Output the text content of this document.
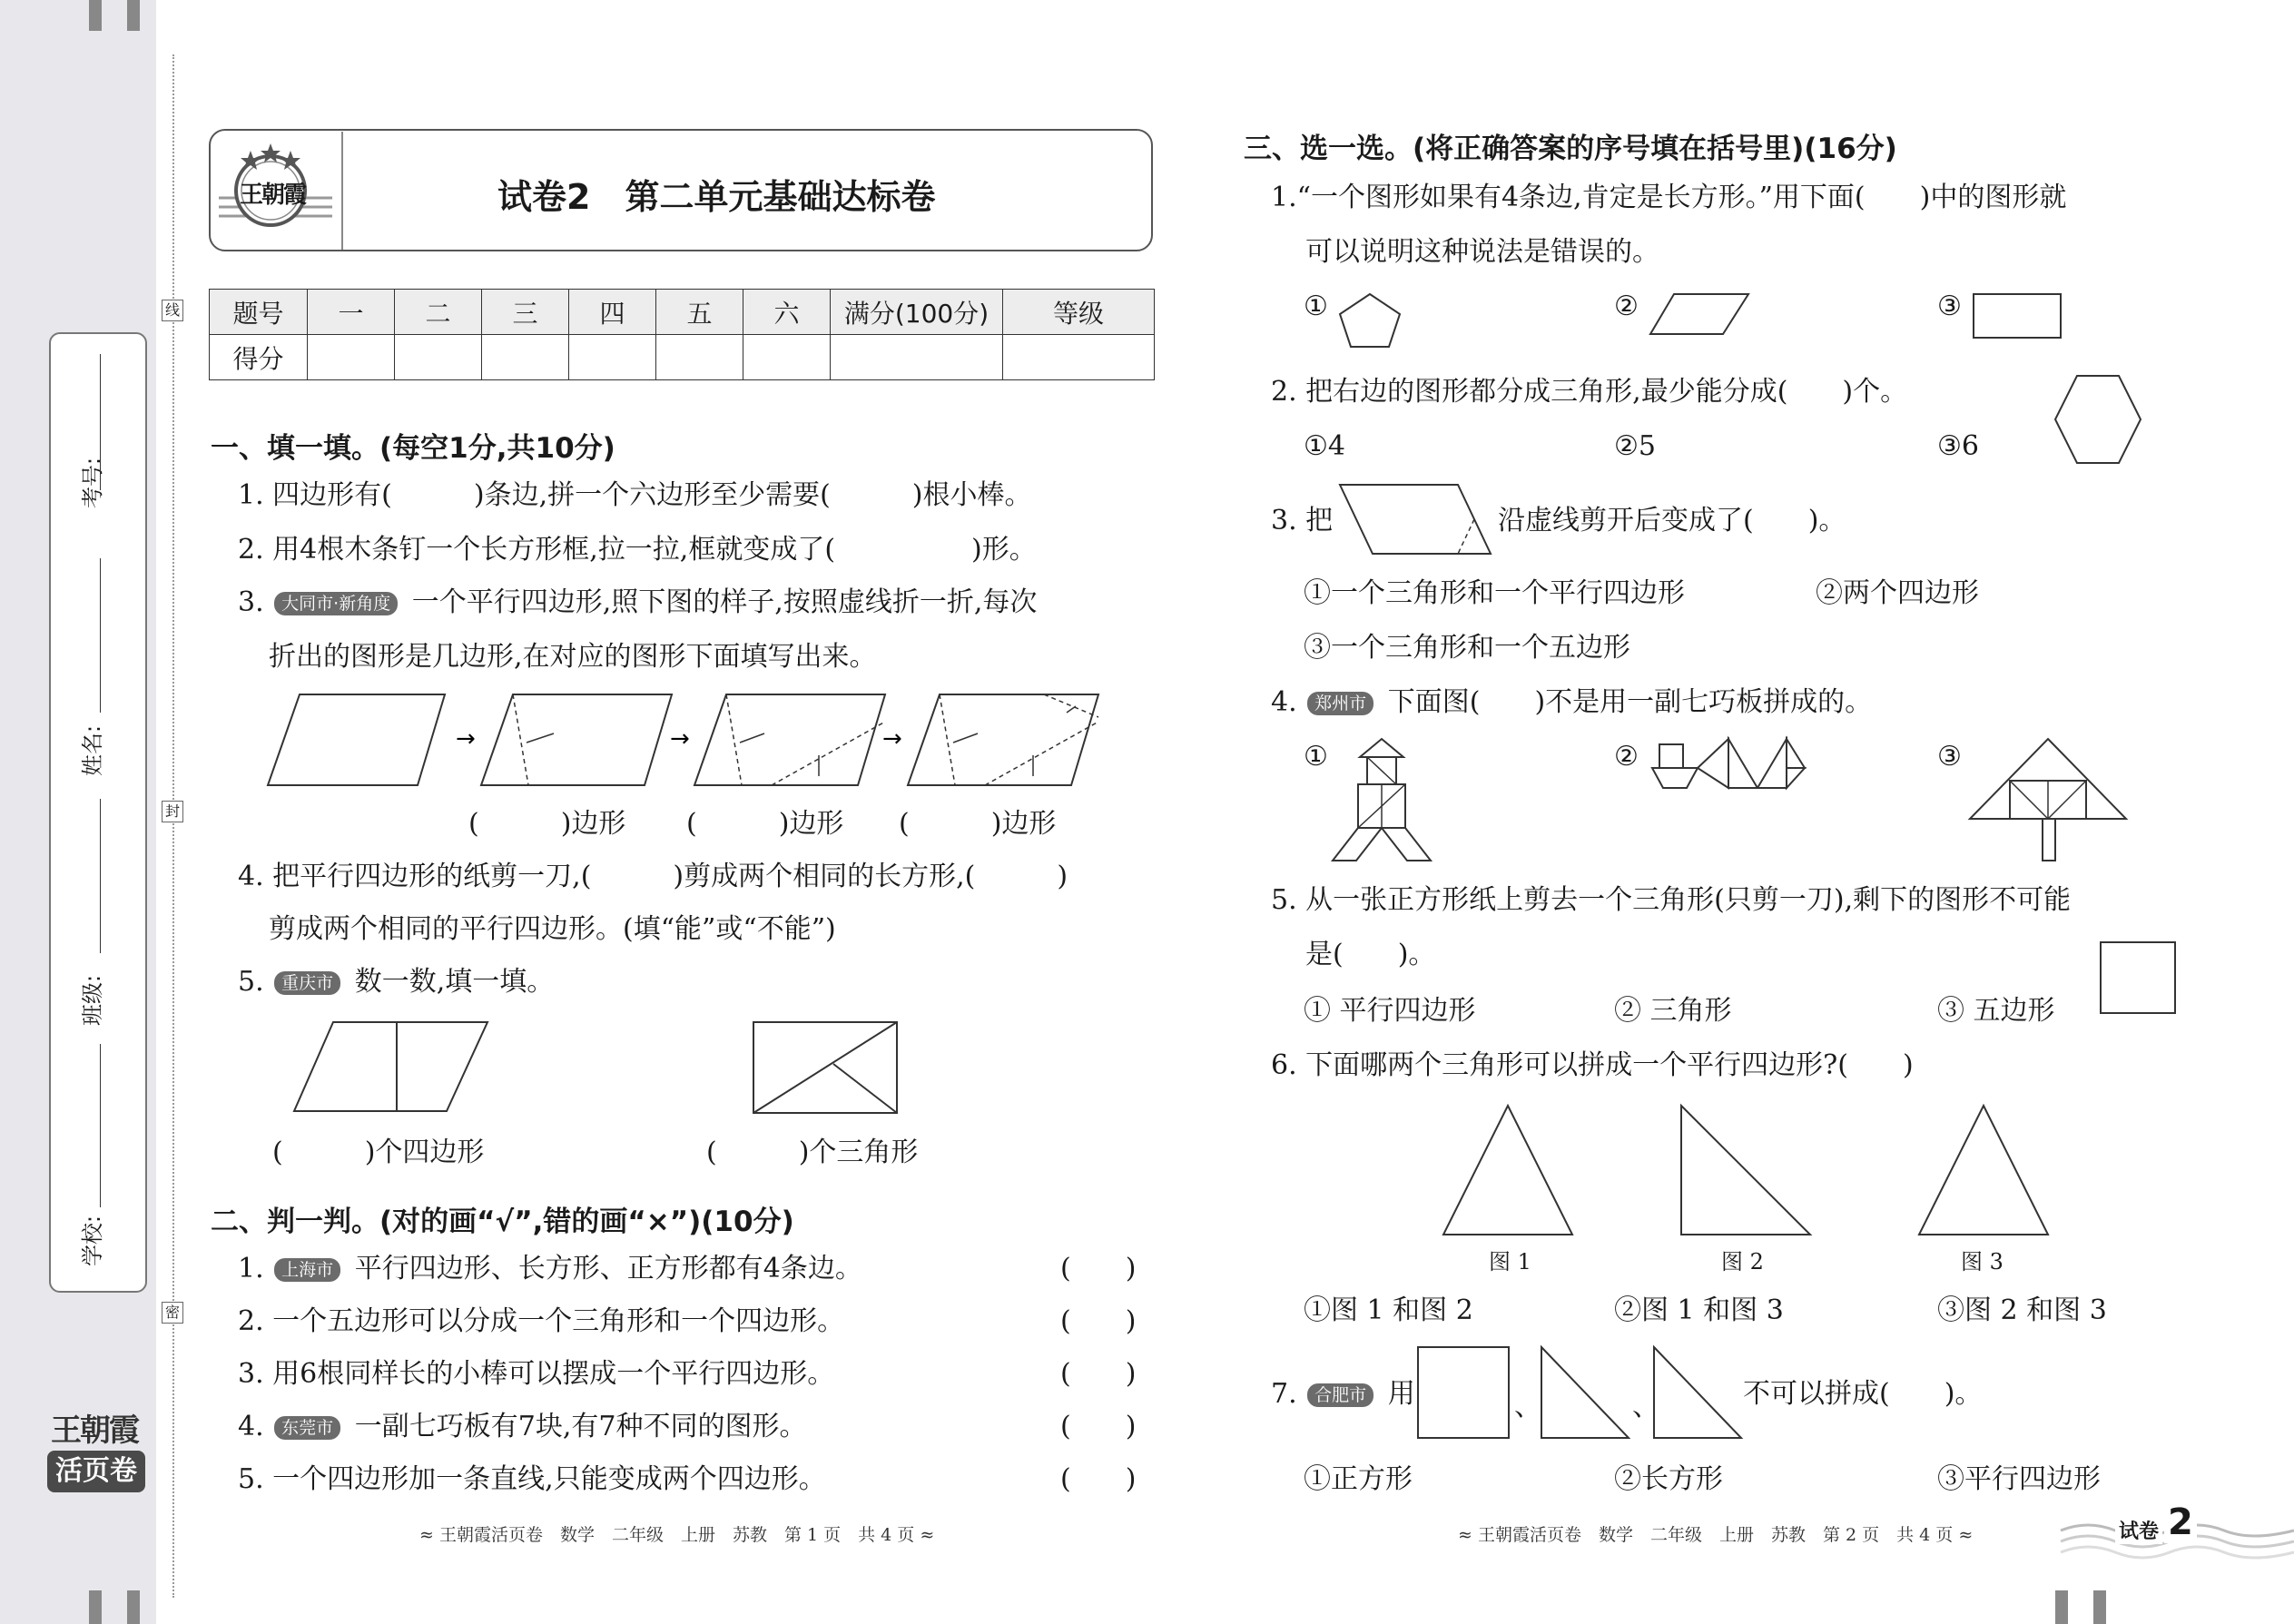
考号:
姓名:
班级:
学校:
线
封
密
王朝霞
活页卷
王朝霞	试卷2　第二单元基础达标卷
题号	一	二	三	四	五	六	满分(100分)	等级
得分								
一、填一填。(每空1分,共10分)
1. 四边形有(　　　)条边,拼一个六边形至少需要(　　　)根小棒。
2. 用4根木条钉一个长方形框,拉一拉,框就变成了(　　　　　)形。
3. 大同市·新角度 一个平行四边形,照下图的样子,按照虚线折一折,每次
折出的图形是几边形,在对应的图形下面填写出来。
→	→	→
(　　　)边形 (　　　)边形 (　　　)边形
4. 把平行四边形的纸剪一刀,(　　　)剪成两个相同的长方形,(　　　)
剪成两个相同的平行四边形。(填“能”或“不能”)
5. 重庆市 数一数,填一填。
(　　　)个四边形	(　　　)个三角形
二、判一判。(对的画“√”,错的画“×”)(10分)
1. 上海市 平行四边形、长方形、正方形都有4条边。	(　　)
2. 一个五边形可以分成一个三角形和一个四边形。	(　　)
3. 用6根同样长的小棒可以摆成一个平行四边形。	(　　)
4. 东莞市 一副七巧板有7块,有7种不同的图形。	(　　)
5. 一个四边形加一条直线,只能变成两个四边形。	(　　)
≈ 王朝霞活页卷　数学　二年级　上册　苏教　第 1 页　共 4 页 ≈
三、选一选。(将正确答案的序号填在括号里)(16分)
1.“一个图形如果有4条边,肯定是长方形。”用下面(　　)中的图形就
可以说明这种说法是错误的。
①	②	③
2. 把右边的图形都分成三角形,最少能分成(　　)个。
①4	②5	③6
3. 把	沿虚线剪开后变成了(　　)。
①一个三角形和一个平行四边形	②两个四边形
③一个三角形和一个五边形
4. 郑州市 下面图(　　)不是用一副七巧板拼成的。
①	②	③
5. 从一张正方形纸上剪去一个三角形(只剪一刀),剩下的图形不可能
是(　　)。
① 平行四边形	② 三角形	③ 五边形
6. 下面哪两个三角形可以拼成一个平行四边形?(　　)
图 1	图 2	图 3
①图 1 和图 2	②图 1 和图 3	③图 2 和图 3
7. 合肥市 用	、	、	不可以拼成(　　)。
①正方形	②长方形	③平行四边形
≈ 王朝霞活页卷　数学　二年级　上册　苏教　第 2 页　共 4 页 ≈	试卷 2
